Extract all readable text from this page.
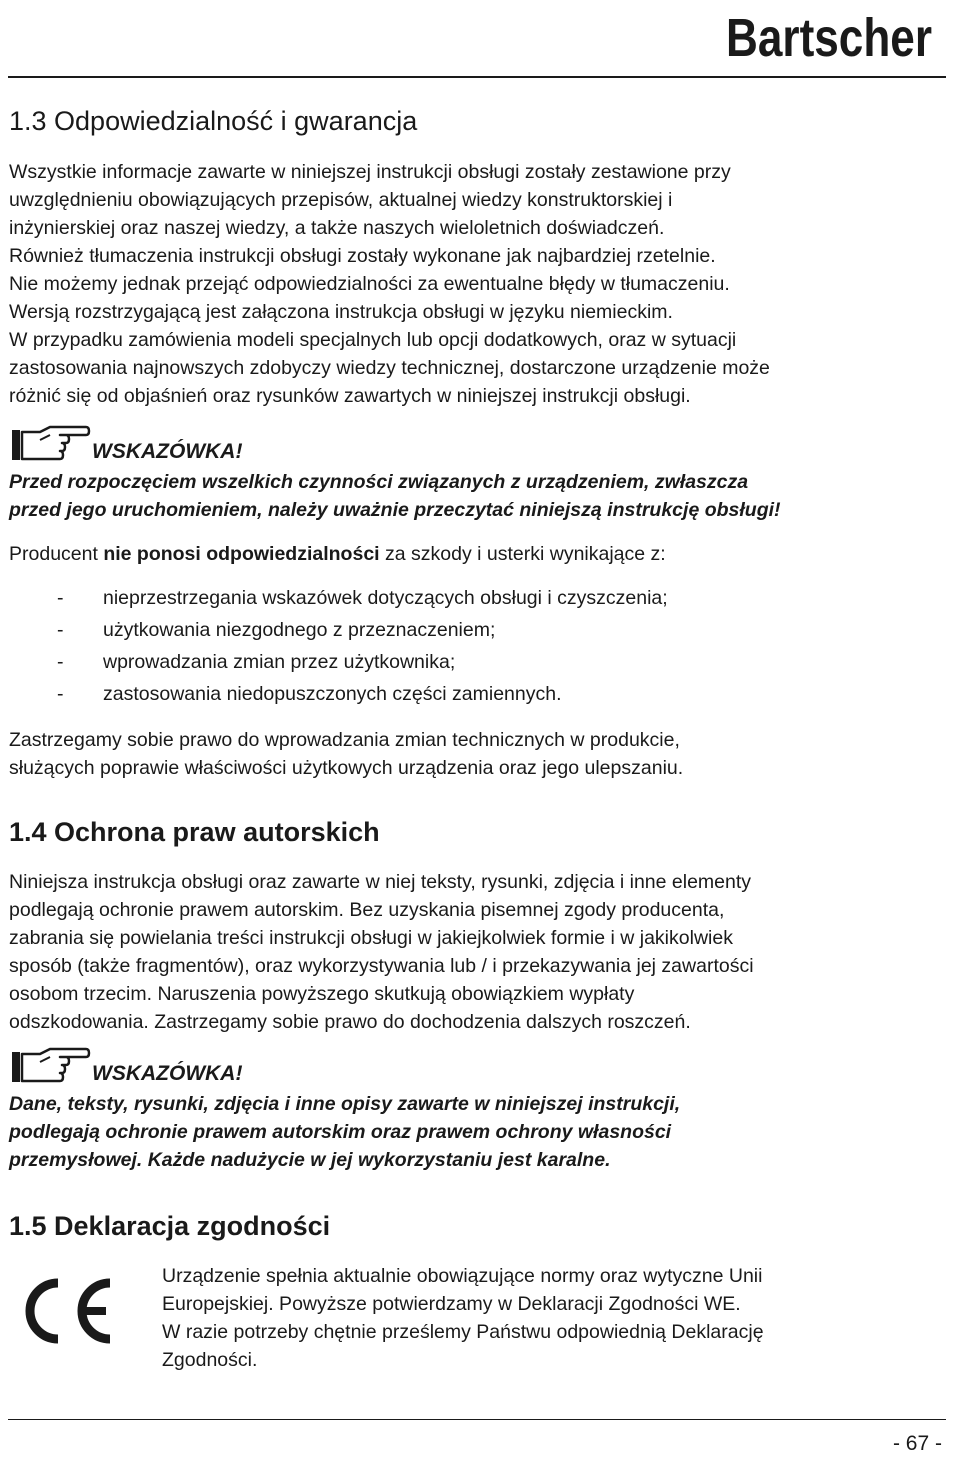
Bartscher
1.3 Odpowiedzialność i gwarancja
Wszystkie informacje zawarte w niniejszej instrukcji obsługi zostały zestawione przy
uwzględnieniu obowiązujących przepisów, aktualnej wiedzy konstruktorskiej i
inżynierskiej oraz naszej wiedzy, a także naszych wieloletnich doświadczeń.
Również tłumaczenia instrukcji obsługi zostały wykonane jak najbardziej rzetelnie.
Nie możemy jednak przejąć odpowiedzialności za ewentualne błędy w tłumaczeniu.
Wersją rozstrzygającą jest załączona instrukcja obsługi w języku niemieckim.
W przypadku zamówienia modeli specjalnych lub opcji dodatkowych, oraz w sytuacji
zastosowania najnowszych zdobyczy wiedzy technicznej, dostarczone urządzenie może
różnić się od objaśnień oraz rysunków zawartych w niniejszej instrukcji obsługi.
WSKAZÓWKA!
Przed rozpoczęciem wszelkich czynności związanych z urządzeniem, zwłaszcza
przed jego uruchomieniem, należy uważnie przeczytać niniejszą instrukcję obsługi!
Producent nie ponosi odpowiedzialności za szkody i usterki wynikające z:
- nieprzestrzegania wskazówek dotyczących obsługi i czyszczenia;
- użytkowania niezgodnego z przeznaczeniem;
- wprowadzania zmian przez użytkownika;
- zastosowania niedopuszczonych części zamiennych.
Zastrzegamy sobie prawo do wprowadzania zmian technicznych w produkcie,
służących poprawie właściwości użytkowych urządzenia oraz jego ulepszaniu.
1.4 Ochrona praw autorskich
Niniejsza instrukcja obsługi oraz zawarte w niej teksty, rysunki, zdjęcia i inne elementy
podlegają ochronie prawem autorskim. Bez uzyskania pisemnej zgody producenta,
zabrania się powielania treści instrukcji obsługi w jakiejkolwiek formie i w jakikolwiek
sposób (także fragmentów), oraz wykorzystywania lub / i przekazywania jej zawartości
osobom trzecim. Naruszenia powyższego skutkują obowiązkiem wypłaty
odszkodowania. Zastrzegamy sobie prawo do dochodzenia dalszych roszczeń.
WSKAZÓWKA!
Dane, teksty, rysunki, zdjęcia i inne opisy zawarte w niniejszej instrukcji,
podlegają ochronie prawem autorskim oraz prawem ochrony własności
przemysłowej. Każde nadużycie w jej wykorzystaniu jest karalne.
1.5 Deklaracja zgodności
Urządzenie spełnia aktualnie obowiązujące normy oraz wytyczne Unii
Europejskiej. Powyższe potwierdzamy w Deklaracji Zgodności WE.
W razie potrzeby chętnie prześlemy Państwu odpowiednią Deklarację
Zgodności.
- 67 -
